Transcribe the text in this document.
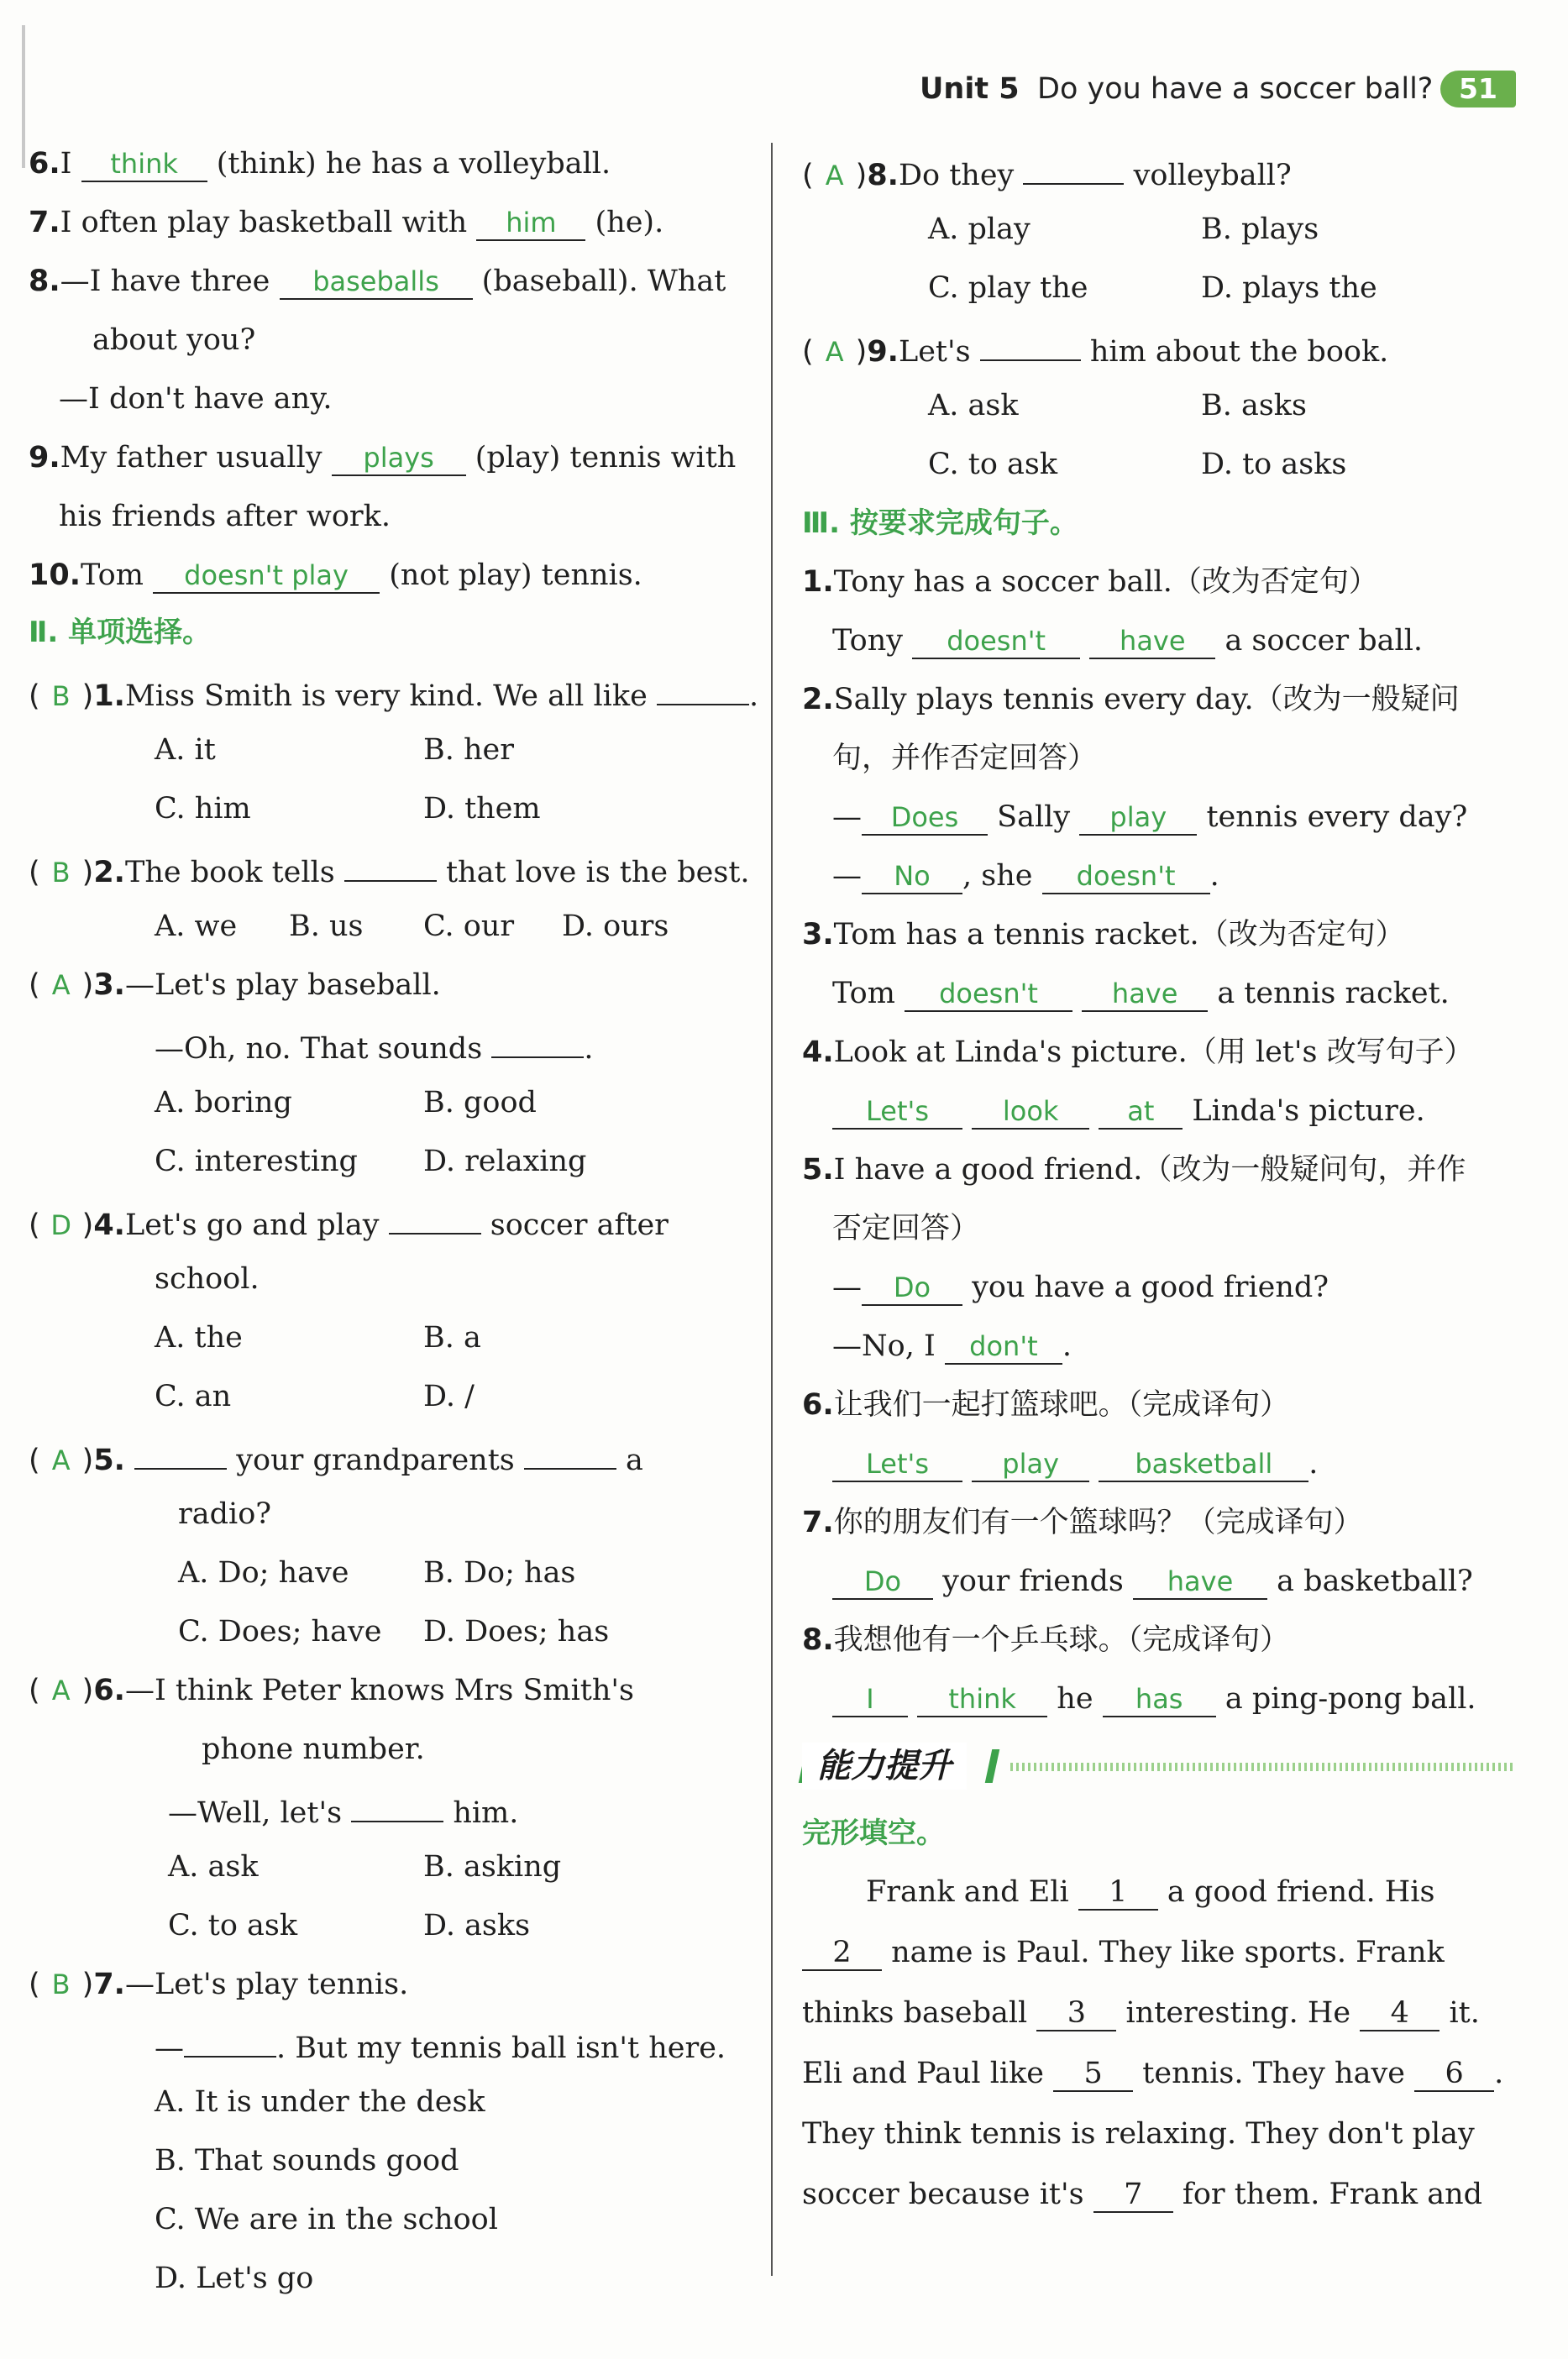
Unit 5 Do you have a soccer ball? 51
6.I think (think) he has a volleyball.
7.I often play basketball with him (he).
8.—I have three baseballs (baseball). What
about you?
—I don't have any.
9.My father usually plays (play) tennis with
his friends after work.
10.Tom doesn't play (not play) tennis.
Ⅱ. 单项选择。
( B )1.Miss Smith is very kind. We all like	.
A. it	B. her
C. him	D. them
( B )2.The book tells	that love is the best.
A. we B. us C. our D. ours
( A )3.—Let's play baseball.
—Oh, no. That sounds	.
A. boring	B. good
C. interesting D. relaxing
( D )4.Let's go and play	soccer after
school.
A. the	B. a
C. an	D. /
( A )5.	your grandparents	a
radio?
A. Do; have	B. Do; has
C. Does; have D. Does; has
( A )6.—I think Peter knows Mrs Smith's
phone number.
—Well, let's	him.
A. ask	B. asking
C. to ask	D. asks
( B )7.—Let's play tennis.
—	. But my tennis ball isn't here.
A. It is under the desk
B. That sounds good
C. We are in the school
D. Let's go
( A )8.Do they	volleyball?
A. play	B. plays
C. play the	D. plays the
( A )9.Let's	him about the book.
A. ask	B. asks
C. to ask	D. to asks
Ⅲ. 按要求完成句子。
1.Tony has a soccer ball.（改为否定句）
Tony doesn't	have a soccer ball.
2.Sally plays tennis every day.（改为一般疑问
句，并作否定回答）
— Does Sally play tennis every day?
— No , she doesn't .
3.Tom has a tennis racket.（改为否定句）
Tom doesn't	have a tennis racket.
4.Look at Linda's picture.（用 let's 改写句子）
Let's	look	at Linda's picture.
5.I have a good friend.（改为一般疑问句，并作
否定回答）
— Do you have a good friend?
—No, I don't .
6.让我们一起打篮球吧。（完成译句）
Let's	play	basketball .
7.你的朋友们有一个篮球吗？（完成译句）
Do your friends have a basketball?
8.我想他有一个乒乓球。（完成译句）
I	think he has a ping-pong ball.
能力提升
完形填空。
Frank and Eli 1 a good friend. His
2 name is Paul. They like sports. Frank
thinks baseball 3 interesting. He 4 it.
Eli and Paul like 5 tennis. They have 6 .
They think tennis is relaxing. They don't play
soccer because it's 7 for them. Frank and
